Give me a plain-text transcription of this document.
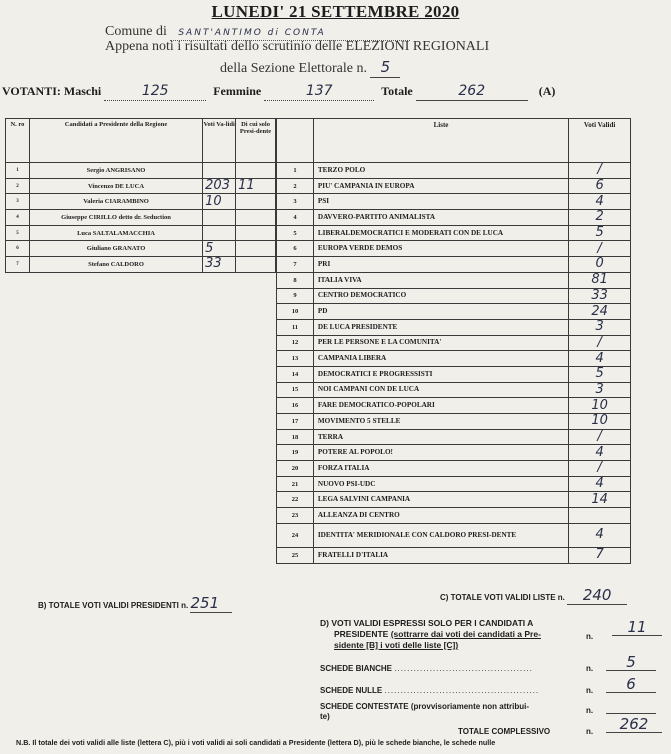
LUNEDI' 21 SETTEMBRE 2020
Comune di SANT'ANTIMO di CONTA
Appena noti i risultati dello scrutinio delle ELEZIONI REGIONALI
della Sezione Elettorale n. 5
VOTANTI: Maschi	125	Femmine	137	Totale	262	(A)
N. ro	Candidati a Presidente della Regione	Voti Va-lidi	Di cui solo Presi-dente
1	Sergio ANGRISANO		
2	Vincenzo DE LUCA	203	11
3	Valeria CIARAMBINO	10	
4	Giuseppe CIRILLO detto dr. Seduction		
5	Luca SALTALAMACCHIA		
6	Giuliano GRANATO	5	
7	Stefano CALDORO	33	
	Liste	Voti Validi
1	TERZO POLO	/
2	PIU' CAMPANIA IN EUROPA	6
3	PSI	4
4	DAVVERO-PARTITO ANIMALISTA	2
5	LIBERALDEMOCRATICI E MODERATI CON DE LUCA	5
6	EUROPA VERDE DEMOS	/
7	PRI	0
8	ITALIA VIVA	81
9	CENTRO DEMOCRATICO	33
10	PD	24
11	DE LUCA PRESIDENTE	3
12	PER LE PERSONE E LA COMUNITA'	/
13	CAMPANIA LIBERA	4
14	DEMOCRATICI E PROGRESSISTI	5
15	NOI CAMPANI CON DE LUCA	3
16	FARE DEMOCRATICO-POPOLARI	10
17	MOVIMENTO 5 STELLE	10
18	TERRA	/
19	POTERE AL POPOLO!	4
20	FORZA ITALIA	/
21	NUOVO PSI-UDC	4
22	LEGA SALVINI CAMPANIA	14
23	ALLEANZA DI CENTRO	
24	IDENTITA' MERIDIONALE CON CALDORO PRESI-DENTE	4
25	FRATELLI D'ITALIA	7
B) TOTALE VOTI VALIDI PRESIDENTI n. 251	C) TOTALE VOTI VALIDI LISTE n. 240
D) VOTI VALIDI ESPRESSI SOLO PER I CANDIDATI A
PRESIDENTE (sottrarre dai voti dei candidati a Pre-
sidente [B] i voti delle liste [C])
n.
11
SCHEDE BIANCHE ...........................................	n.	5
SCHEDE NULLE ................................................	n.	6
SCHEDE CONTESTATE (provvisoriamente non attribui-
te)
n.
TOTALE COMPLESSIVO	n.	262
N.B. Il totale dei voti validi alle liste (lettera C), più i voti validi ai soli candidati a Presidente (lettera D), più le schede bianche, le schede nulle
